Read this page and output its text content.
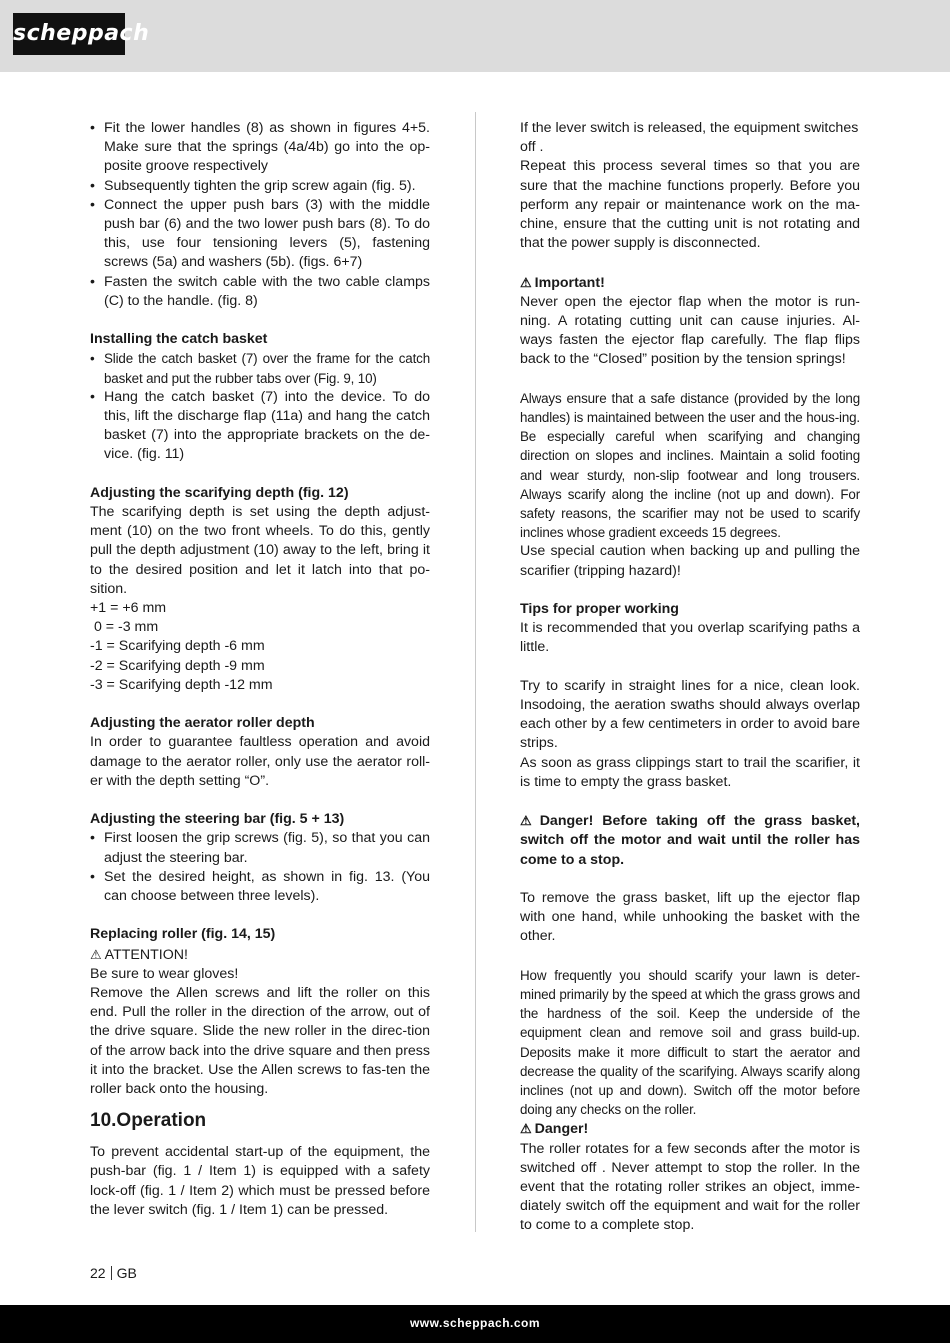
scheppach
• Fit the lower handles (8) as shown in figures 4+5. Make sure that the springs (4a/4b) go into the op-posite groove respectively
• Subsequently tighten the grip screw again (fig. 5).
• Connect the upper push bars (3) with the middle push bar (6) and the two lower push bars (8). To do this, use four tensioning levers (5), fastening screws (5a) and washers (5b). (figs. 6+7)
• Fasten the switch cable with the two cable clamps (C) to the handle. (fig. 8)

Installing the catch basket

• Slide the catch basket (7) over the frame for the catch basket and put the rubber tabs over (Fig. 9, 10)
• Hang the catch basket (7) into the device. To do this, lift the discharge flap (11a) and hang the catch basket (7) into the appropriate brackets on the de-vice. (fig. 11)

Adjusting the scarifying depth (fig. 12)

The scarifying depth is set using the depth adjust-ment (10) on the two front wheels. To do this, gently pull the depth adjustment (10) away to the left, bring it to the desired position and let it latch into that po-sition.

+1 = +6 mm

0 = -3 mm

-1 = Scarifying depth -6 mm

-2 = Scarifying depth -9 mm

-3 = Scarifying depth -12 mm

Adjusting the aerator roller depth

In order to guarantee faultless operation and avoid damage to the aerator roller, only use the aerator roll-er with the depth setting “O”.

Adjusting the steering bar (fig. 5 + 13)

• First loosen the grip screws (fig. 5), so that you can adjust the steering bar.
• Set the desired height, as shown in fig. 13. (You can choose between three levels).

Replacing roller (fig. 14, 15)

⚠ ATTENTION!

Be sure to wear gloves!

Remove the Allen screws and lift the roller on this end. Pull the roller in the direction of the arrow, out of the drive square. Slide the new roller in the direc-tion of the arrow back into the drive square and then press it into the bracket. Use the Allen screws to fas-ten the roller back onto the housing.

10.Operation

To prevent accidental start-up of the equipment, the push-bar (fig. 1 / Item 1) is equipped with a safety lock-off (fig. 1 / Item 2) which must be pressed before the lever switch (fig. 1 / Item 1) can be pressed.

If the lever switch is released, the equipment switches off .

Repeat this process several times so that you are sure that the machine functions properly. Before you perform any repair or maintenance work on the ma-chine, ensure that the cutting unit is not rotating and that the power supply is disconnected.

⚠ Important!

Never open the ejector flap when the motor is run-ning. A rotating cutting unit can cause injuries. Al-ways fasten the ejector flap carefully. The flap flips back to the “Closed” position by the tension springs!

Always ensure that a safe distance (provided by the long handles) is maintained between the user and the hous-ing. Be especially careful when scarifying and changing direction on slopes and inclines. Maintain a solid footing and wear sturdy, non-slip footwear and long trousers. Always scarify along the incline (not up and down). For safety reasons, the scarifier may not be used to scarify inclines whose gradient exceeds 15 degrees.

Use special caution when backing up and pulling the scarifier (tripping hazard)!

Tips for proper working

It is recommended that you overlap scarifying paths a little.

Try to scarify in straight lines for a nice, clean look. Insodoing, the aeration swaths should always overlap each other by a few centimeters in order to avoid bare strips.

As soon as grass clippings start to trail the scarifier, it is time to empty the grass basket.

⚠ Danger! Before taking off the grass basket, switch off the motor and wait until the roller has come to a stop.

To remove the grass basket, lift up the ejector flap with one hand, while unhooking the basket with the other.

How frequently you should scarify your lawn is deter-mined primarily by the speed at which the grass grows and the hardness of the soil. Keep the underside of the equipment clean and remove soil and grass build-up. Deposits make it more difficult to start the aerator and decrease the quality of the scarifying. Always scarify along inclines (not up and down). Switch off the motor before doing any checks on the roller.

⚠ Danger!

The roller rotates for a few seconds after the motor is switched off . Never attempt to stop the roller. In the event that the rotating roller strikes an object, imme-diately switch off the equipment and wait for the roller to come to a complete stop.

22 GB
www.scheppach.com
